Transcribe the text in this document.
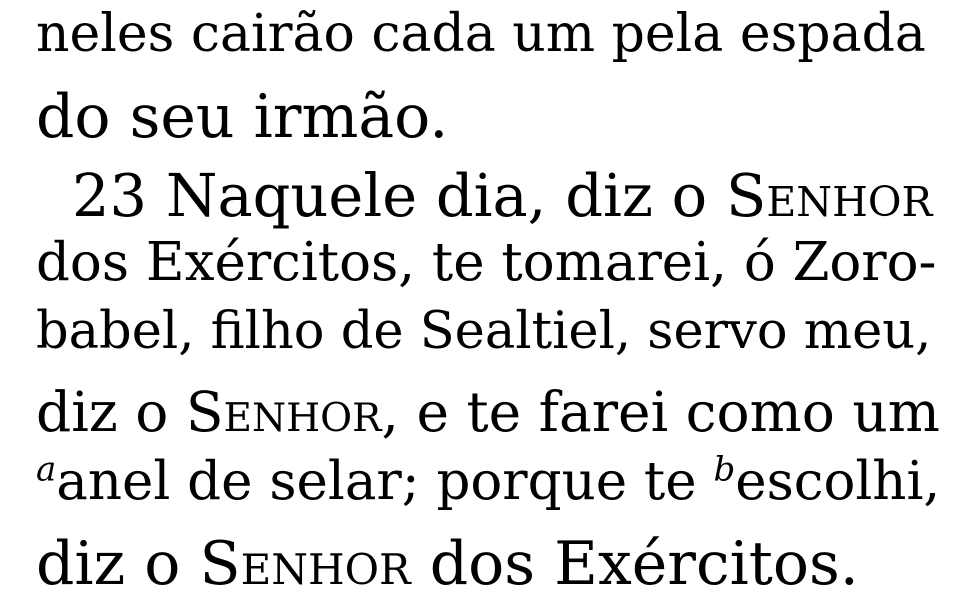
neles cairão cada um pela espada
do seu irmão.
23 Naquele dia, diz o Senhor
dos Exércitos, te tomarei, ó Zoro-
babel, filho de Sealtiel, servo meu,
diz o Senhor, e te farei como um
$^a$anel de selar; porque te $^b$escolhi,
diz o Senhor dos Exércitos.
